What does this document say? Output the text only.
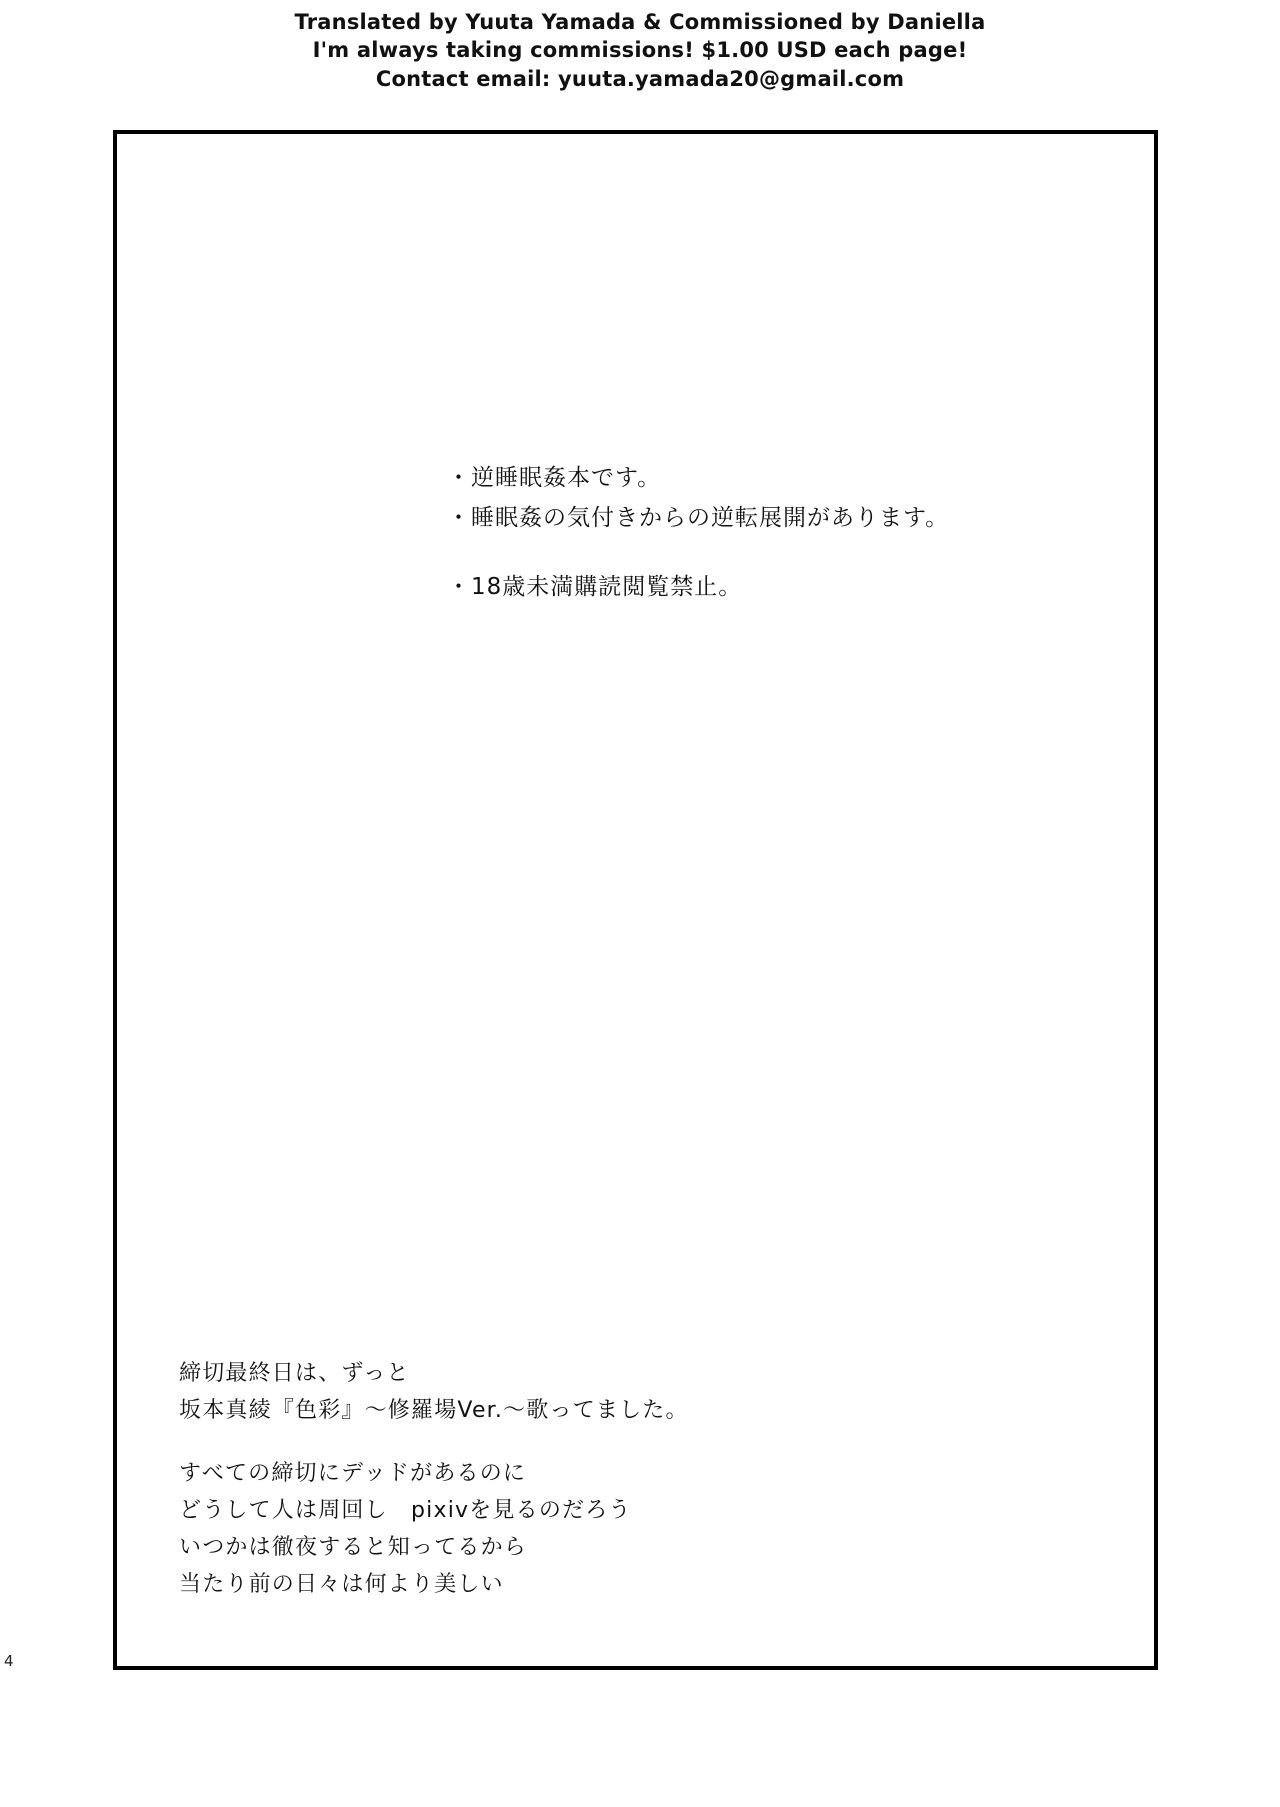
Translated by Yuuta Yamada & Commissioned by Daniella
I'm always taking commissions! $1.00 USD each page!
Contact email: yuuta.yamada20@gmail.com
・逆睡眠姦本です。
・睡眠姦の気付きからの逆転展開があります。
・18歳未満購読閲覧禁止。
締切最終日は、ずっと
坂本真綾『色彩』〜修羅場Ver.〜歌ってました。
すべての締切にデッドがあるのに
どうして人は周回し　pixivを見るのだろう
いつかは徹夜すると知ってるから
当たり前の日々は何より美しい
4
